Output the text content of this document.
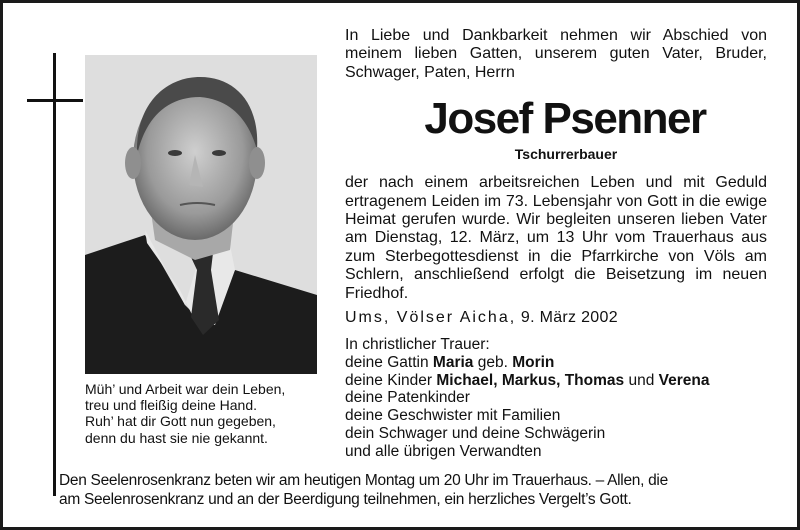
Müh’ und Arbeit war dein Leben,
treu und fleißig deine Hand.
Ruh’ hat dir Gott nun gegeben,
denn du hast sie nie gekannt.
In Liebe und Dankbarkeit nehmen wir Abschied von meinem lieben Gatten, unserem guten Vater, Bruder, Schwager, Paten, Herrn
Josef Psenner
Tschurrerbauer
der nach einem arbeitsreichen Leben und mit Geduld ertragenem Leiden im 73. Lebensjahr von Gott in die ewige Heimat gerufen wurde. Wir begleiten unseren lieben Vater am Dienstag, 12. März, um 13 Uhr vom Trauerhaus aus zum Sterbegottesdienst in die Pfarrkirche von Völs am Schlern, anschließend erfolgt die Beisetzung im neuen Friedhof.
Ums, Völser Aicha, 9. März 2002
In christlicher Trauer:
deine Gattin Maria geb. Morin
deine Kinder Michael, Markus, Thomas und Verena
deine Patenkinder
deine Geschwister mit Familien
dein Schwager und deine Schwägerin
und alle übrigen Verwandten
Den Seelenrosenkranz beten wir am heutigen Montag um 20 Uhr im Trauerhaus. – Allen, die
am Seelenrosenkranz und an der Beerdigung teilnehmen, ein herzliches Vergelt’s Gott.
